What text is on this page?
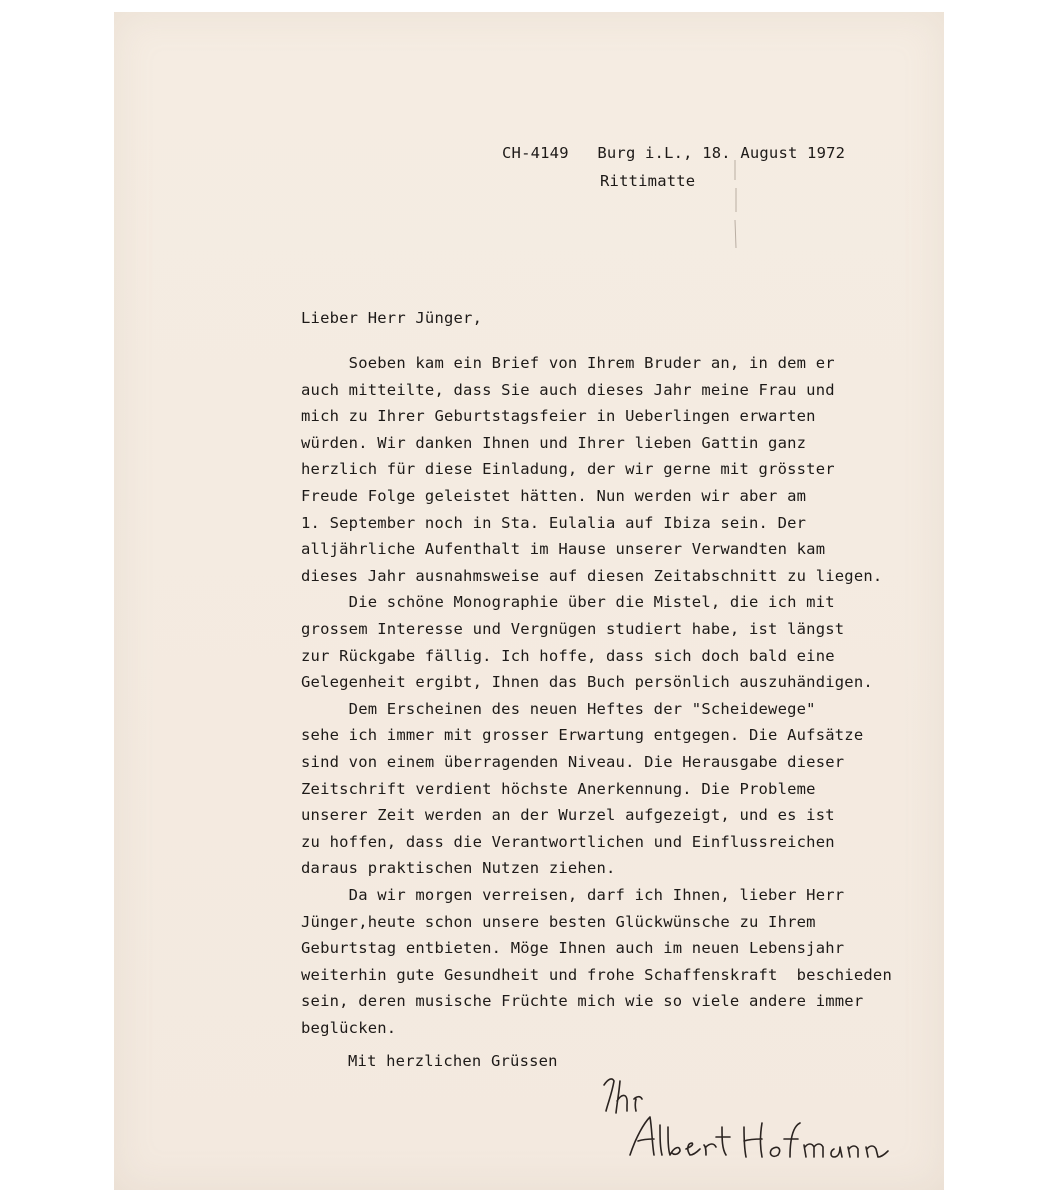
CH-4149 Burg i.L., 18. August 1972

Rittimatte

Lieber Herr Jünger,

Soeben kam ein Brief von Ihrem Bruder an, in dem er

auch mitteilte, dass Sie auch dieses Jahr meine Frau und

mich zu Ihrer Geburtstagsfeier in Ueberlingen erwarten

würden. Wir danken Ihnen und Ihrer lieben Gattin ganz

herzlich für diese Einladung, der wir gerne mit grösster

Freude Folge geleistet hätten. Nun werden wir aber am

1. September noch in Sta. Eulalia auf Ibiza sein. Der

alljährliche Aufenthalt im Hause unserer Verwandten kam

dieses Jahr ausnahmsweise auf diesen Zeitabschnitt zu liegen.

Die schöne Monographie über die Mistel, die ich mit

grossem Interesse und Vergnügen studiert habe, ist längst

zur Rückgabe fällig. Ich hoffe, dass sich doch bald eine

Gelegenheit ergibt, Ihnen das Buch persönlich auszuhändigen.

Dem Erscheinen des neuen Heftes der "Scheidewege"

sehe ich immer mit grosser Erwartung entgegen. Die Aufsätze

sind von einem überragenden Niveau. Die Herausgabe dieser

Zeitschrift verdient höchste Anerkennung. Die Probleme

unserer Zeit werden an der Wurzel aufgezeigt, und es ist

zu hoffen, dass die Verantwortlichen und Einflussreichen

daraus praktischen Nutzen ziehen.

Da wir morgen verreisen, darf ich Ihnen, lieber Herr

Jünger,heute schon unsere besten Glückwünsche zu Ihrem

Geburtstag entbieten. Möge Ihnen auch im neuen Lebensjahr

weiterhin gute Gesundheit und frohe Schaffenskraft  beschieden

sein, deren musische Früchte mich wie so viele andere immer

beglücken.

Mit herzlichen Grüssen
